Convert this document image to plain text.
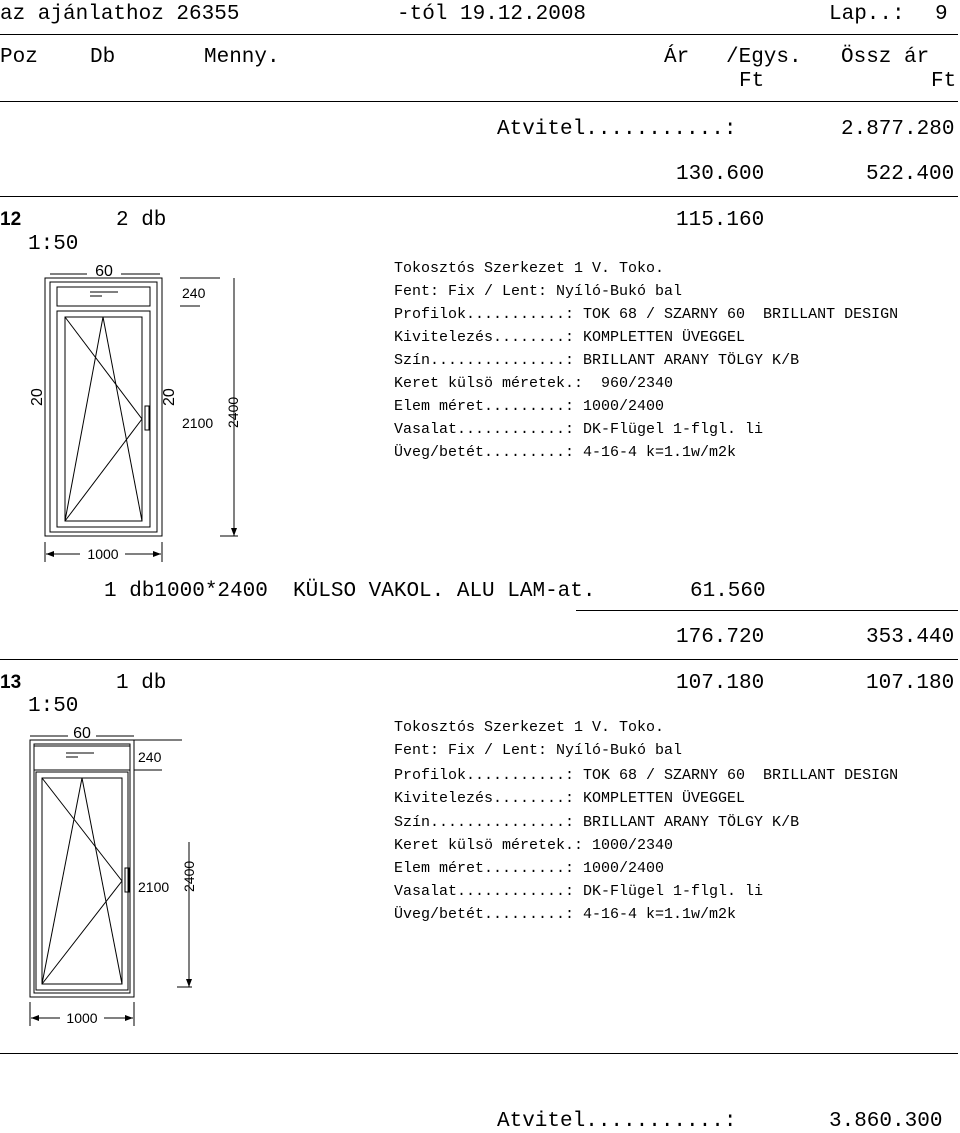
az ajánlathoz 26355	-tól 19.12.2008	Lap..: 9
Poz Db	Menny.	Ár /Egys. Össz ár
Ft	Ft
Atvitel...........:	2.877.280
130.600	522.400
12	2 db	115.160
1:50
Tokosztós Szerkezet 1 V. Toko.
Fent: Fix / Lent: Nyíló-Bukó bal
Profilok...........: TOK 68 / SZARNY 60  BRILLANT DESIGN
Kivitelezés........: KOMPLETTEN ÜVEGGEL
Szín...............: BRILLANT ARANY TÖLGY K/B
Keret külsö méretek.:  960/2340
Elem méret.........: 1000/2400
Vasalat............: DK-Flügel 1-flgl. li
Üveg/betét.........: 4-16-4 k=1.1w/m2k
60
240
2100
1000
20	20	2400
1 db1000*2400  KÜLSO VAKOL. ALU LAM-at.	61.560
176.720	353.440
13	1 db	107.180	107.180
1:50
Tokosztós Szerkezet 1 V. Toko.
Fent: Fix / Lent: Nyíló-Bukó bal
Profilok...........: TOK 68 / SZARNY 60  BRILLANT DESIGN
Kivitelezés........: KOMPLETTEN ÜVEGGEL
Szín...............: BRILLANT ARANY TÖLGY K/B
Keret külsö méretek.: 1000/2340
Elem méret.........: 1000/2400
Vasalat............: DK-Flügel 1-flgl. li
Üveg/betét.........: 4-16-4 k=1.1w/m2k
60
240
2100
1000
2400
Atvitel...........:	3.860.300
